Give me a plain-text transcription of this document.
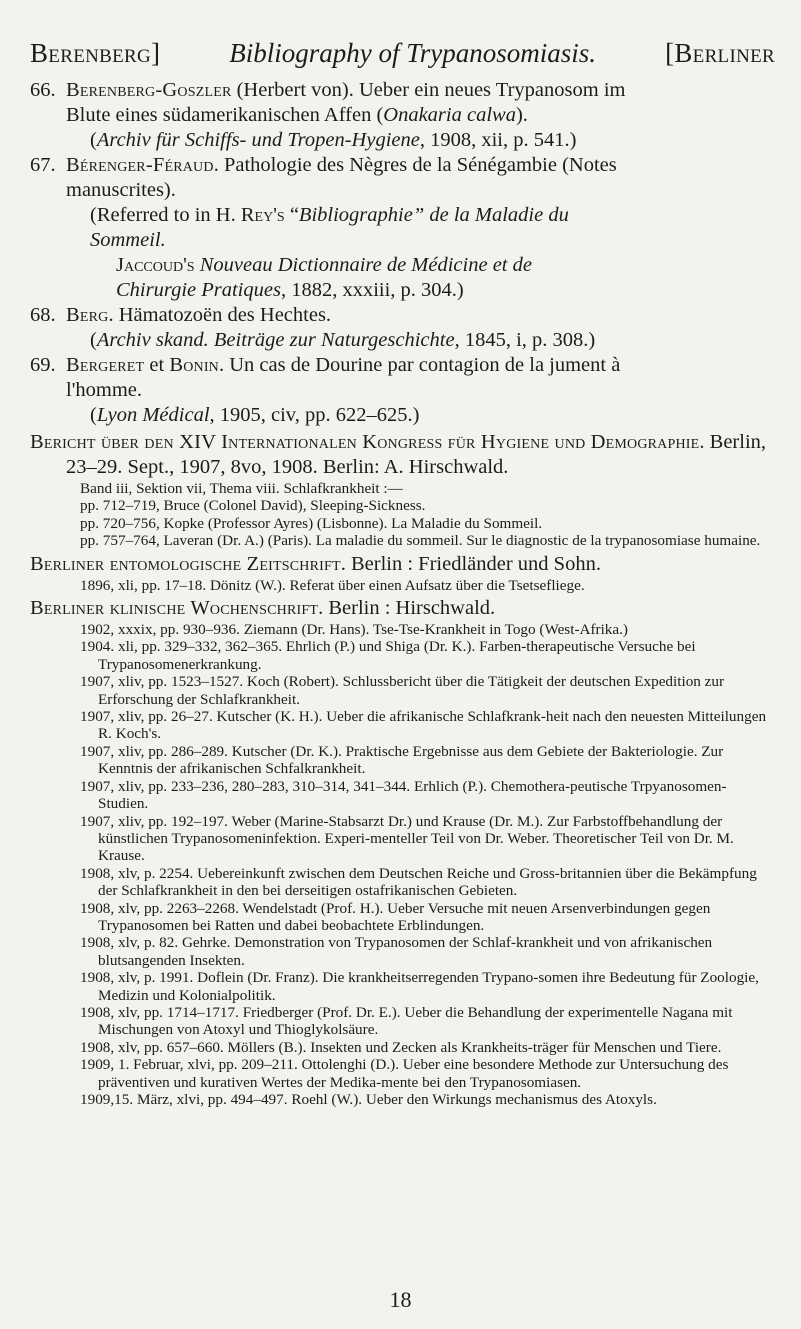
Berenberg]	Bibliography of Trypanosomiasis.	[Berliner
66. Berenberg-Goszler (Herbert von). Ueber ein neues Trypanosom im
Blute eines südamerikanischen Affen (Onakaria calwa).
(Archiv für Schiffs- und Tropen-Hygiene, 1908, xii, p. 541.)
67. Bérenger-Féraud. Pathologie des Nègres de la Sénégambie (Notes
manuscrites).
(Referred to in H. Rey's “Bibliographie” de la Maladie du
Sommeil.
Jaccoud's Nouveau Dictionnaire de Médicine et de
Chirurgie Pratiques, 1882, xxxiii, p. 304.)
68. Berg. Hämatozoën des Hechtes.
(Archiv skand. Beiträge zur Naturgeschichte, 1845, i, p. 308.)
69. Bergeret et Bonin. Un cas de Dourine par contagion de la jument à
l'homme.
(Lyon Médical, 1905, civ, pp. 622–625.)
Bericht über den XIV Internationalen Kongress für Hygiene und Demographie. Berlin, 23–29. Sept., 1907, 8vo, 1908. Berlin: A. Hirschwald.
Band iii, Sektion vii, Thema viii. Schlafkrankheit :—
pp. 712–719, Bruce (Colonel David), Sleeping-Sickness.
pp. 720–756, Kopke (Professor Ayres) (Lisbonne). La Maladie du Sommeil.
pp. 757–764, Laveran (Dr. A.) (Paris). La maladie du sommeil. Sur le diagnostic de la trypanosomiase humaine.
Berliner entomologische Zeitschrift. Berlin : Friedländer und Sohn.
1896, xli, pp. 17–18. Dönitz (W.). Referat über einen Aufsatz über die Tsetsefliege.
Berliner klinische Wochenschrift. Berlin : Hirschwald.
1902, xxxix, pp. 930–936. Ziemann (Dr. Hans). Tse-Tse-Krankheit in Togo (West-Afrika.)
1904. xli, pp. 329–332, 362–365. Ehrlich (P.) und Shiga (Dr. K.). Farben-therapeutische Versuche bei Trypanosomenerkrankung.
1907, xliv, pp. 1523–1527. Koch (Robert). Schlussbericht über die Tätigkeit der deutschen Expedition zur Erforschung der Schlafkrankheit.
1907, xliv, pp. 26–27. Kutscher (K. H.). Ueber die afrikanische Schlafkrank-heit nach den neuesten Mitteilungen R. Koch's.
1907, xliv, pp. 286–289. Kutscher (Dr. K.). Praktische Ergebnisse aus dem Gebiete der Bakteriologie. Zur Kenntnis der afrikanischen Schfalkrankheit.
1907, xliv, pp. 233–236, 280–283, 310–314, 341–344. Erhlich (P.). Chemothera-peutische Trpyanosomen-Studien.
1907, xliv, pp. 192–197. Weber (Marine-Stabsarzt Dr.) und Krause (Dr. M.). Zur Farbstoffbehandlung der künstlichen Trypanosomeninfektion. Experi-menteller Teil von Dr. Weber. Theoretischer Teil von Dr. M. Krause.
1908, xlv, p. 2254. Uebereinkunft zwischen dem Deutschen Reiche und Gross-britannien über die Bekämpfung der Schlafkrankheit in den bei derseitigen ostafrikanischen Gebieten.
1908, xlv, pp. 2263–2268. Wendelstadt (Prof. H.). Ueber Versuche mit neuen Arsenverbindungen gegen Trypanosomen bei Ratten und dabei beobachtete Erblindungen.
1908, xlv, p. 82. Gehrke. Demonstration von Trypanosomen der Schlaf-krankheit und von afrikanischen blutsangenden Insekten.
1908, xlv, p. 1991. Doflein (Dr. Franz). Die krankheitserregenden Trypano-somen ihre Bedeutung für Zoologie, Medizin und Kolonialpolitik.
1908, xlv, pp. 1714–1717. Friedberger (Prof. Dr. E.). Ueber die Behandlung der experimentelle Nagana mit Mischungen von Atoxyl und Thioglykolsäure.
1908, xlv, pp. 657–660. Möllers (B.). Insekten und Zecken als Krankheits-träger für Menschen und Tiere.
1909, 1. Februar, xlvi, pp. 209–211. Ottolenghi (D.). Ueber eine besondere Methode zur Untersuchung des präventiven und kurativen Wertes der Medika-mente bei den Trypanosomiasen.
1909,15. März, xlvi, pp. 494–497. Roehl (W.). Ueber den Wirkungs mechanismus des Atoxyls.
18
